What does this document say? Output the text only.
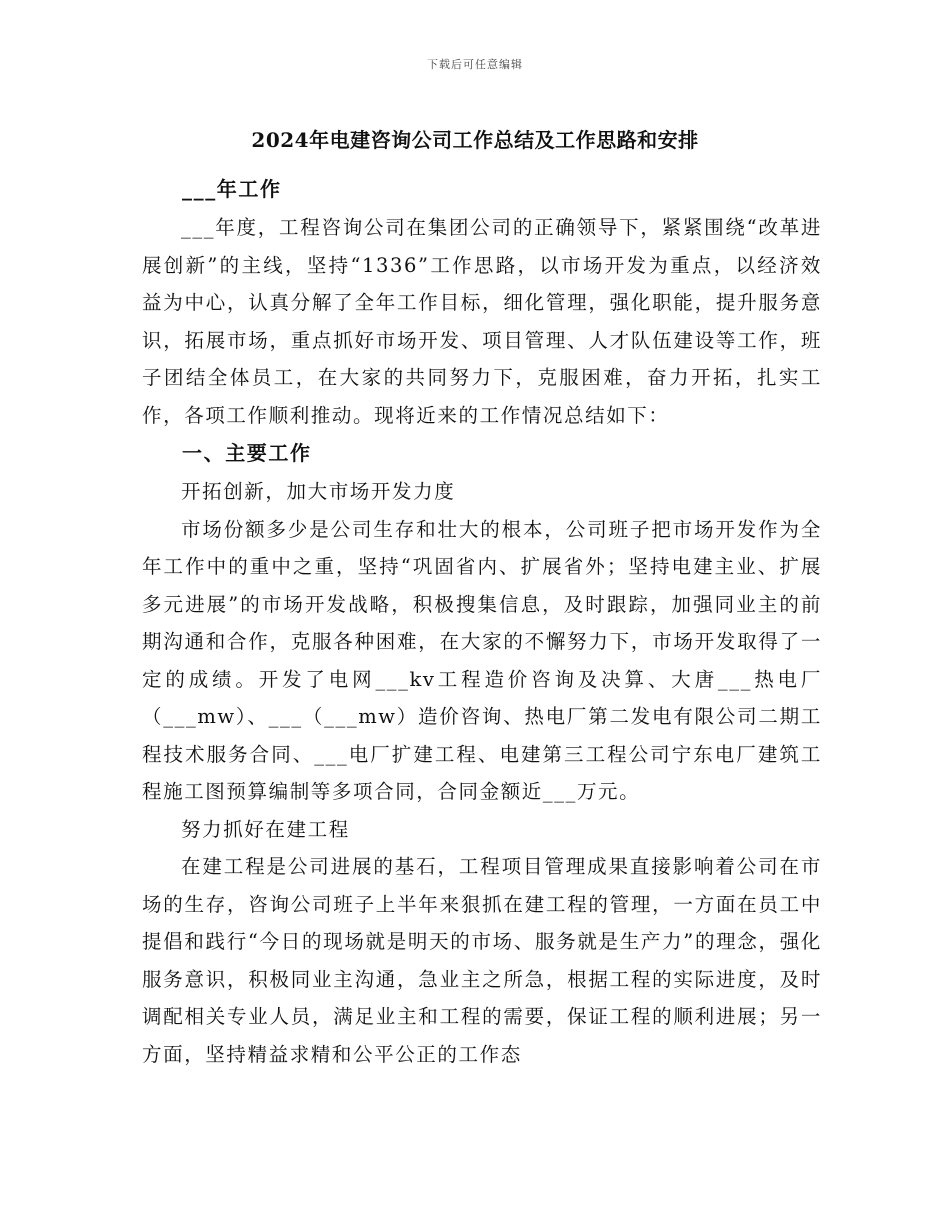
下载后可任意编辑
2024年电建咨询公司工作总结及工作思路和安排
___年工作

___年度，工程咨询公司在集团公司的正确领导下，紧紧围绕“改革进展创新”的主线，坚持“1336”工作思路，以市场开发为重点，以经济效益为中心，认真分解了全年工作目标，细化管理，强化职能，提升服务意识，拓展市场，重点抓好市场开发、项目管理、人才队伍建设等工作，班子团结全体员工，在大家的共同努力下，克服困难，奋力开拓，扎实工作，各项工作顺利推动。现将近来的工作情况总结如下：

一、主要工作
开拓创新，加大市场开发力度

市场份额多少是公司生存和壮大的根本，公司班子把市场开发作为全年工作中的重中之重，坚持“巩固省内、扩展省外；坚持电建主业、扩展多元进展”的市场开发战略，积极搜集信息，及时跟踪，加强同业主的前期沟通和合作，克服各种困难，在大家的不懈努力下，市场开发取得了一定的成绩。开发了电网___kv工程造价咨询及决算、大唐___热电厂（___mw）、___（___mw）造价咨询、热电厂第二发电有限公司二期工程技术服务合同、___电厂扩建工程、电建第三工程公司宁东电厂建筑工程施工图预算编制等多项合同，合同金额近___万元。

努力抓好在建工程

在建工程是公司进展的基石，工程项目管理成果直接影响着公司在市场的生存，咨询公司班子上半年来狠抓在建工程的管理，一方面在员工中提倡和践行“今日的现场就是明天的市场、服务就是生产力”的理念，强化服务意识，积极同业主沟通，急业主之所急，根据工程的实际进度，及时调配相关专业人员，满足业主和工程的需要，保证工程的顺利进展；另一方面，坚持精益求精和公平公正的工作态
